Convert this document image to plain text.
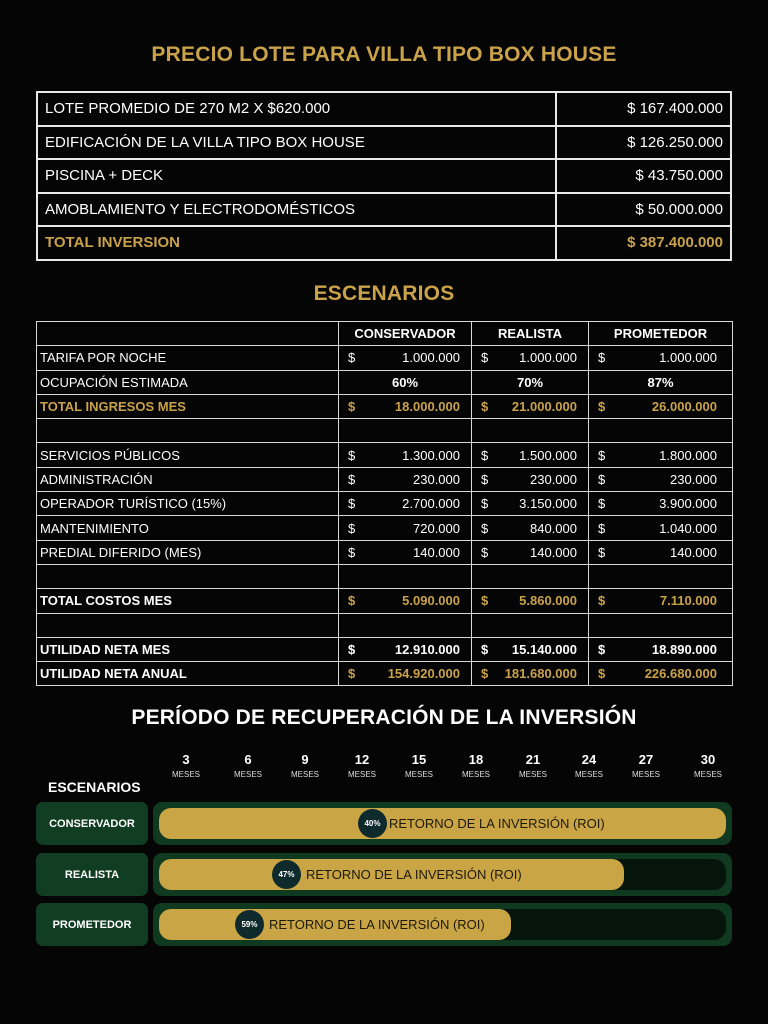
PRECIO LOTE PARA VILLA TIPO BOX HOUSE
LOTE PROMEDIO DE 270 M2 X $620.000	$ 167.400.000
EDIFICACIÓN DE LA VILLA TIPO BOX HOUSE	$ 126.250.000
PISCINA + DECK	$ 43.750.000
AMOBLAMIENTO Y ELECTRODOMÉSTICOS	$ 50.000.000
TOTAL INVERSION	$ 387.400.000
ESCENARIOS
	CONSERVADOR	REALISTA	PROMETEDOR
TARIFA POR NOCHE	$ 1.000.000	$ 1.000.000	$ 1.000.000

OCUPACIÓN ESTIMADA	60%	70%	87%
TOTAL INGRESOS MES	$ 18.000.000	$ 21.000.000	$ 26.000.000

SERVICIOS PÚBLICOS	$ 1.300.000	$ 1.500.000	$ 1.800.000

ADMINISTRACIÓN	$ 230.000	$ 230.000	$ 230.000

OPERADOR TURÍSTICO (15%)	$ 2.700.000	$ 3.150.000	$ 3.900.000

MANTENIMIENTO	$ 720.000	$ 840.000	$ 1.040.000

PREDIAL DIFERIDO (MES)	$ 140.000	$ 140.000	$ 140.000

TOTAL COSTOS MES	$ 5.090.000	$ 5.860.000	$ 7.110.000

UTILIDAD NETA MES	$ 12.910.000	$ 15.140.000	$ 18.890.000

UTILIDAD NETA ANUAL	$ 154.920.000	$ 181.680.000	$ 226.680.000
PERÍODO DE RECUPERACIÓN DE LA INVERSIÓN
3
MESES
6
MESES
9
MESES
12
MESES
15
MESES
18
MESES
21
MESES
24
MESES
27
MESES
30
MESES
ESCENARIOS
CONSERVADOR	40% RETORNO DE LA INVERSIÓN (ROI)
REALISTA	47% RETORNO DE LA INVERSIÓN (ROI)
PROMETEDOR	59% RETORNO DE LA INVERSIÓN (ROI)
